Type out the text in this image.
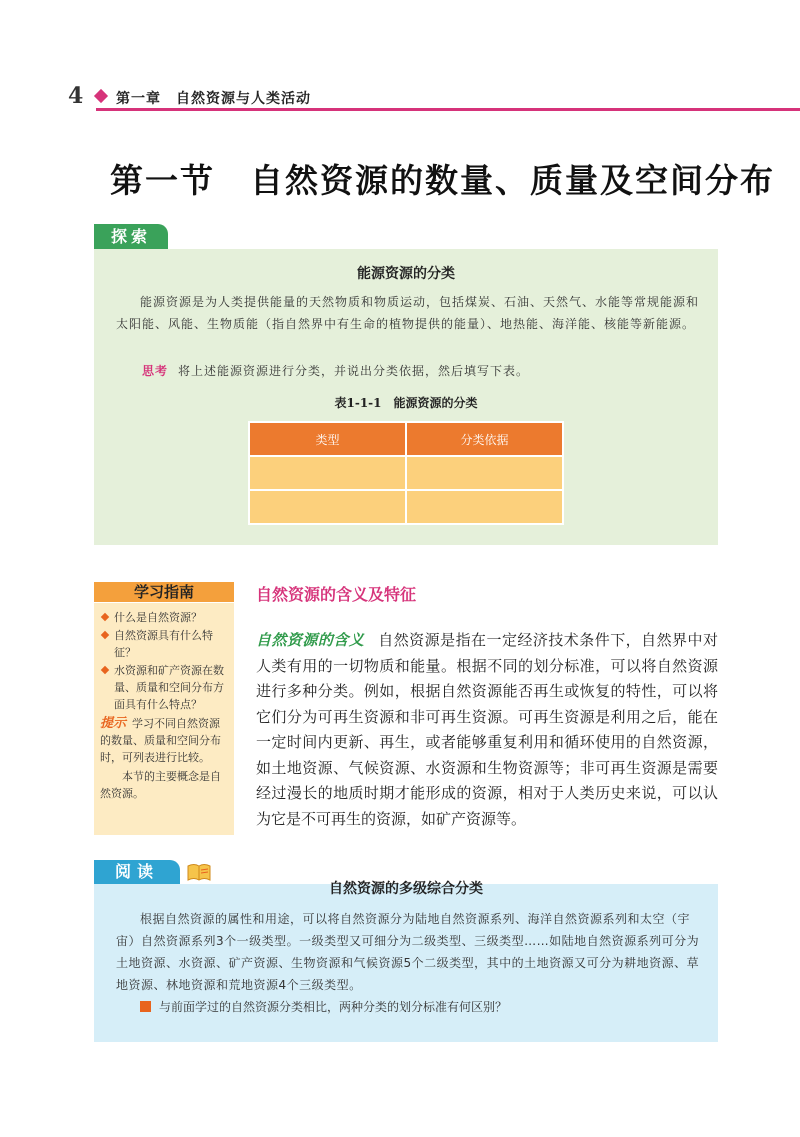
4 第一章　自然资源与人类活动
第一节　自然资源的数量、质量及空间分布
探索
能源资源的分类
能源资源是为人类提供能量的天然物质和物质运动，包括煤炭、石油、天然气、水能等常规能源和太阳能、风能、生物质能（指自然界中有生命的植物提供的能量）、地热能、海洋能、核能等新能源。
思考 将上述能源资源进行分类，并说出分类依据，然后填写下表。
表1-1-1　能源资源的分类
类型	分类依据

学习指南
什么是自然资源？
自然资源具有什么特征？
水资源和矿产资源在数量、质量和空间分布方面具有什么特点？
提示 学习不同自然资源的数量、质量和空间分布时，可列表进行比较。
本节的主要概念是自然资源。
自然资源的含义及特征
自然资源的含义 自然资源是指在一定经济技术条件下，自然界中对人类有用的一切物质和能量。根据不同的划分标准，可以将自然资源进行多种分类。例如，根据自然资源能否再生或恢复的特性，可以将它们分为可再生资源和非可再生资源。可再生资源是利用之后，能在一定时间内更新、再生，或者能够重复利用和循环使用的自然资源，如土地资源、气候资源、水资源和生物资源等；非可再生资源是需要经过漫长的地质时期才能形成的资源，相对于人类历史来说，可以认为它是不可再生的资源，如矿产资源等。
阅读
自然资源的多级综合分类
根据自然资源的属性和用途，可以将自然资源分为陆地自然资源系列、海洋自然资源系列和太空（宇宙）自然资源系列3个一级类型。一级类型又可细分为二级类型、三级类型……如陆地自然资源系列可分为土地资源、水资源、矿产资源、生物资源和气候资源5个二级类型，其中的土地资源又可分为耕地资源、草地资源、林地资源和荒地资源4个三级类型。
与前面学过的自然资源分类相比，两种分类的划分标准有何区别？
